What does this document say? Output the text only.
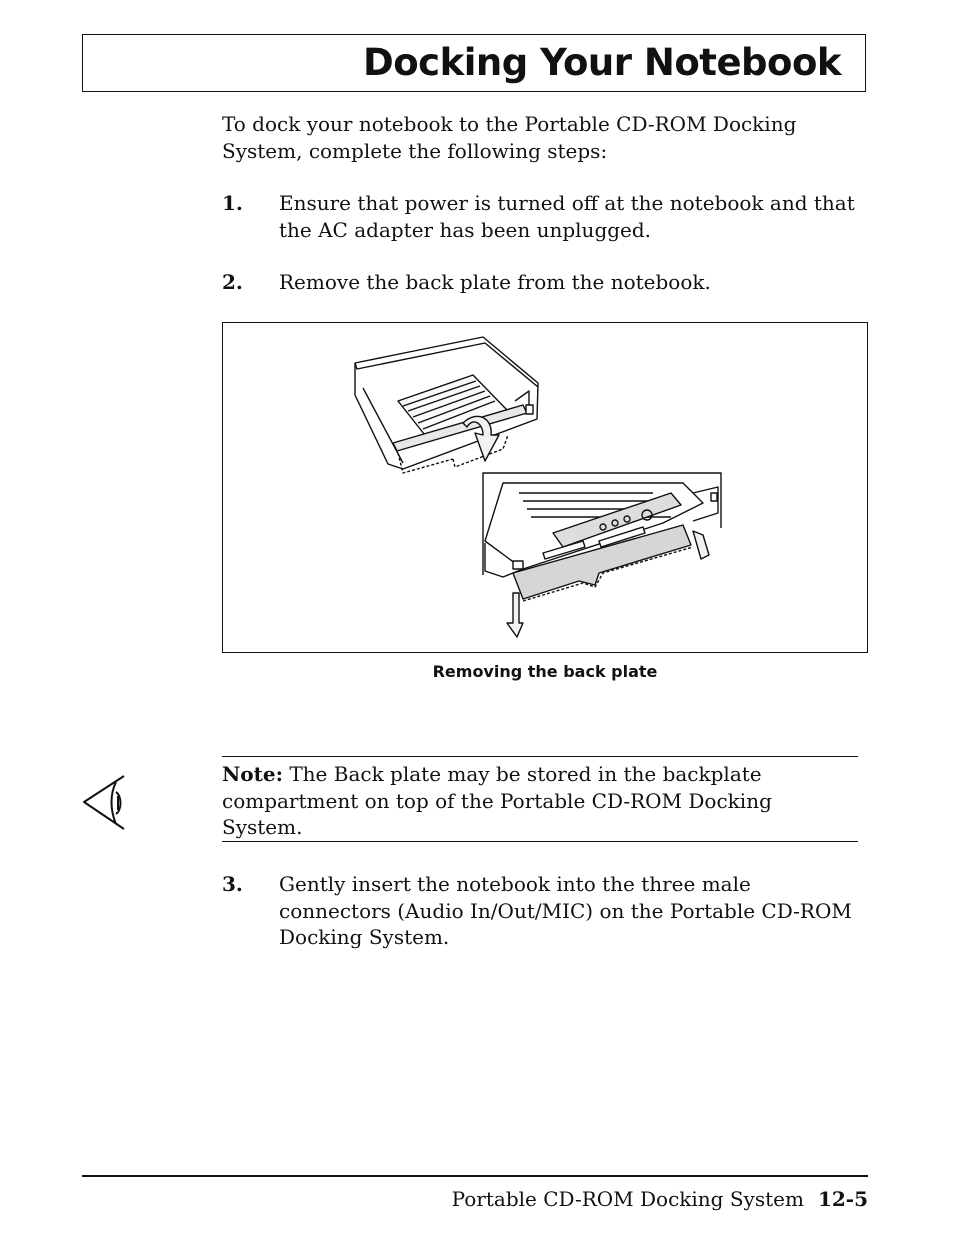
Docking Your Notebook

To dock your notebook to the Portable CD-ROM Docking System, complete the following steps:

1. Ensure that power is turned off at the notebook and that the AC adapter has been unplugged.
2. Remove the back plate from the notebook.
Removing the back plate

Note: The Back plate may be stored in the backplate compartment on top of the Portable CD-ROM Docking System.

3. Gently insert the notebook into the three male connectors (Audio In/Out/MIC) on the Portable CD-ROM Docking System.
Portable CD-ROM Docking System 12-5
